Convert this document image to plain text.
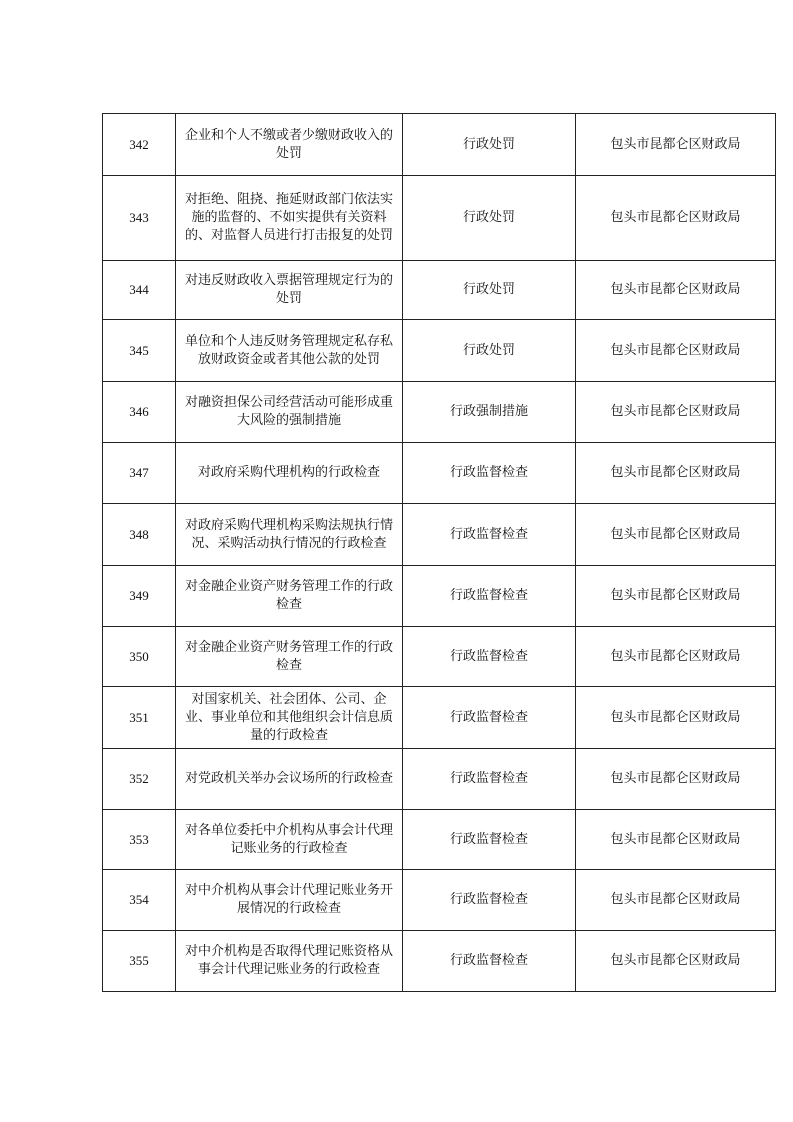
342	企业和个人不缴或者少缴财政收入的处罚	行政处罚	包头市昆都仑区财政局

343	对拒绝、阻挠、拖延财政部门依法实施的监督的、不如实提供有关资料的、对监督人员进行打击报复的处罚	行政处罚	包头市昆都仑区财政局

344	对违反财政收入票据管理规定行为的处罚	行政处罚	包头市昆都仑区财政局

345	单位和个人违反财务管理规定私存私放财政资金或者其他公款的处罚	行政处罚	包头市昆都仑区财政局

346	对融资担保公司经营活动可能形成重大风险的强制措施	行政强制措施	包头市昆都仑区财政局

347	对政府采购代理机构的行政检查	行政监督检查	包头市昆都仑区财政局

348	对政府采购代理机构采购法规执行情况、采购活动执行情况的行政检查	行政监督检查	包头市昆都仑区财政局

349	对金融企业资产财务管理工作的行政检查	行政监督检查	包头市昆都仑区财政局

350	对金融企业资产财务管理工作的行政检查	行政监督检查	包头市昆都仑区财政局

351	对国家机关、社会团体、公司、企业、事业单位和其他组织会计信息质量的行政检查	行政监督检查	包头市昆都仑区财政局

352	对党政机关举办会议场所的行政检查	行政监督检查	包头市昆都仑区财政局

353	对各单位委托中介机构从事会计代理记账业务的行政检查	行政监督检查	包头市昆都仑区财政局

354	对中介机构从事会计代理记账业务开展情况的行政检查	行政监督检查	包头市昆都仑区财政局

355	对中介机构是否取得代理记账资格从事会计代理记账业务的行政检查	行政监督检查	包头市昆都仑区财政局
